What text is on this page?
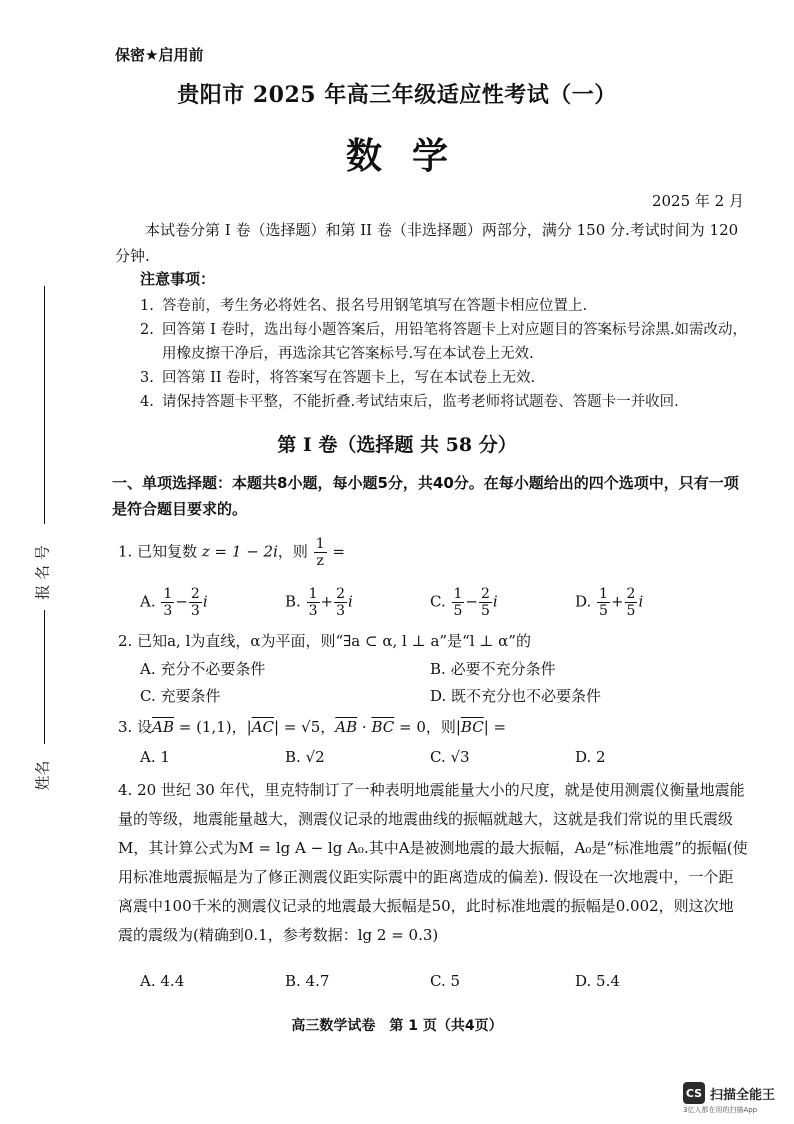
报 名 号
姓名
保密★启用前
贵阳市 2025 年高三年级适应性考试（一）
数学
2025 年 2 月
本试卷分第 I 卷（选择题）和第 II 卷（非选择题）两部分，满分 150 分.考试时间为 120 分钟.
注意事项：
1. 答卷前，考生务必将姓名、报名号用钢笔填写在答题卡相应位置上.
2. 回答第 I 卷时，选出每小题答案后，用铅笔将答题卡上对应题目的答案标号涂黑.如需改动，用橡皮擦干净后，再选涂其它答案标号.写在本试卷上无效.
3. 回答第 II 卷时，将答案写在答题卡上，写在本试卷上无效.
4. 请保持答题卡平整，不能折叠.考试结束后，监考老师将试题卷、答题卡一并收回.
第 I 卷（选择题 共 58 分）
一、单项选择题：本题共8小题，每小题5分，共40分。在每小题给出的四个选项中，只有一项是符合题目要求的。
1. 已知复数 z = 1 − 2i，则 $\frac{1}{z}$ =
A. $\frac{1}{3} - \frac{2}{3}$ i	B. $\frac{1}{3} + \frac{2}{3}$ i	C. $\frac{1}{5} - \frac{2}{5}$ i	D. $\frac{1}{5} + \frac{2}{5}$ i
2. 已知a, l为直线，α为平面，则“∃a ⊂ α, l ⊥ a”是“l ⊥ α”的
A. 充分不必要条件	B. 必要不充分条件
C. 充要条件	D. 既不充分也不必要条件
3. 设$\overline{AB} = (1,1)$，$|\overline{AC}| = √5$，$\overline{AB} \cdot \overline{BC} = 0$，则$|\overline{BC}|$ =
A. 1	B. √2	C. √3	D. 2
4. 20 世纪 30 年代，里克特制订了一种表明地震能量大小的尺度，就是使用测震仪衡量地震能量的等级，地震能量越大，测震仪记录的地震曲线的振幅就越大，这就是我们常说的里氏震级M，其计算公式为M = lg A − lg A₀.其中A是被测地震的最大振幅，A₀是“标准地震”的振幅(使用标准地震振幅是为了修正测震仪距实际震中的距离造成的偏差). 假设在一次地震中，一个距离震中100千米的测震仪记录的地震最大振幅是50，此时标准地震的振幅是0.002，则这次地震的震级为(精确到0.1，参考数据：lg 2 = 0.3)
A. 4.4	B. 4.7	C. 5	D. 5.4
高三数学试卷　第 1 页（共4页）
CS 扫描全能王
3亿人都在用的扫描App
